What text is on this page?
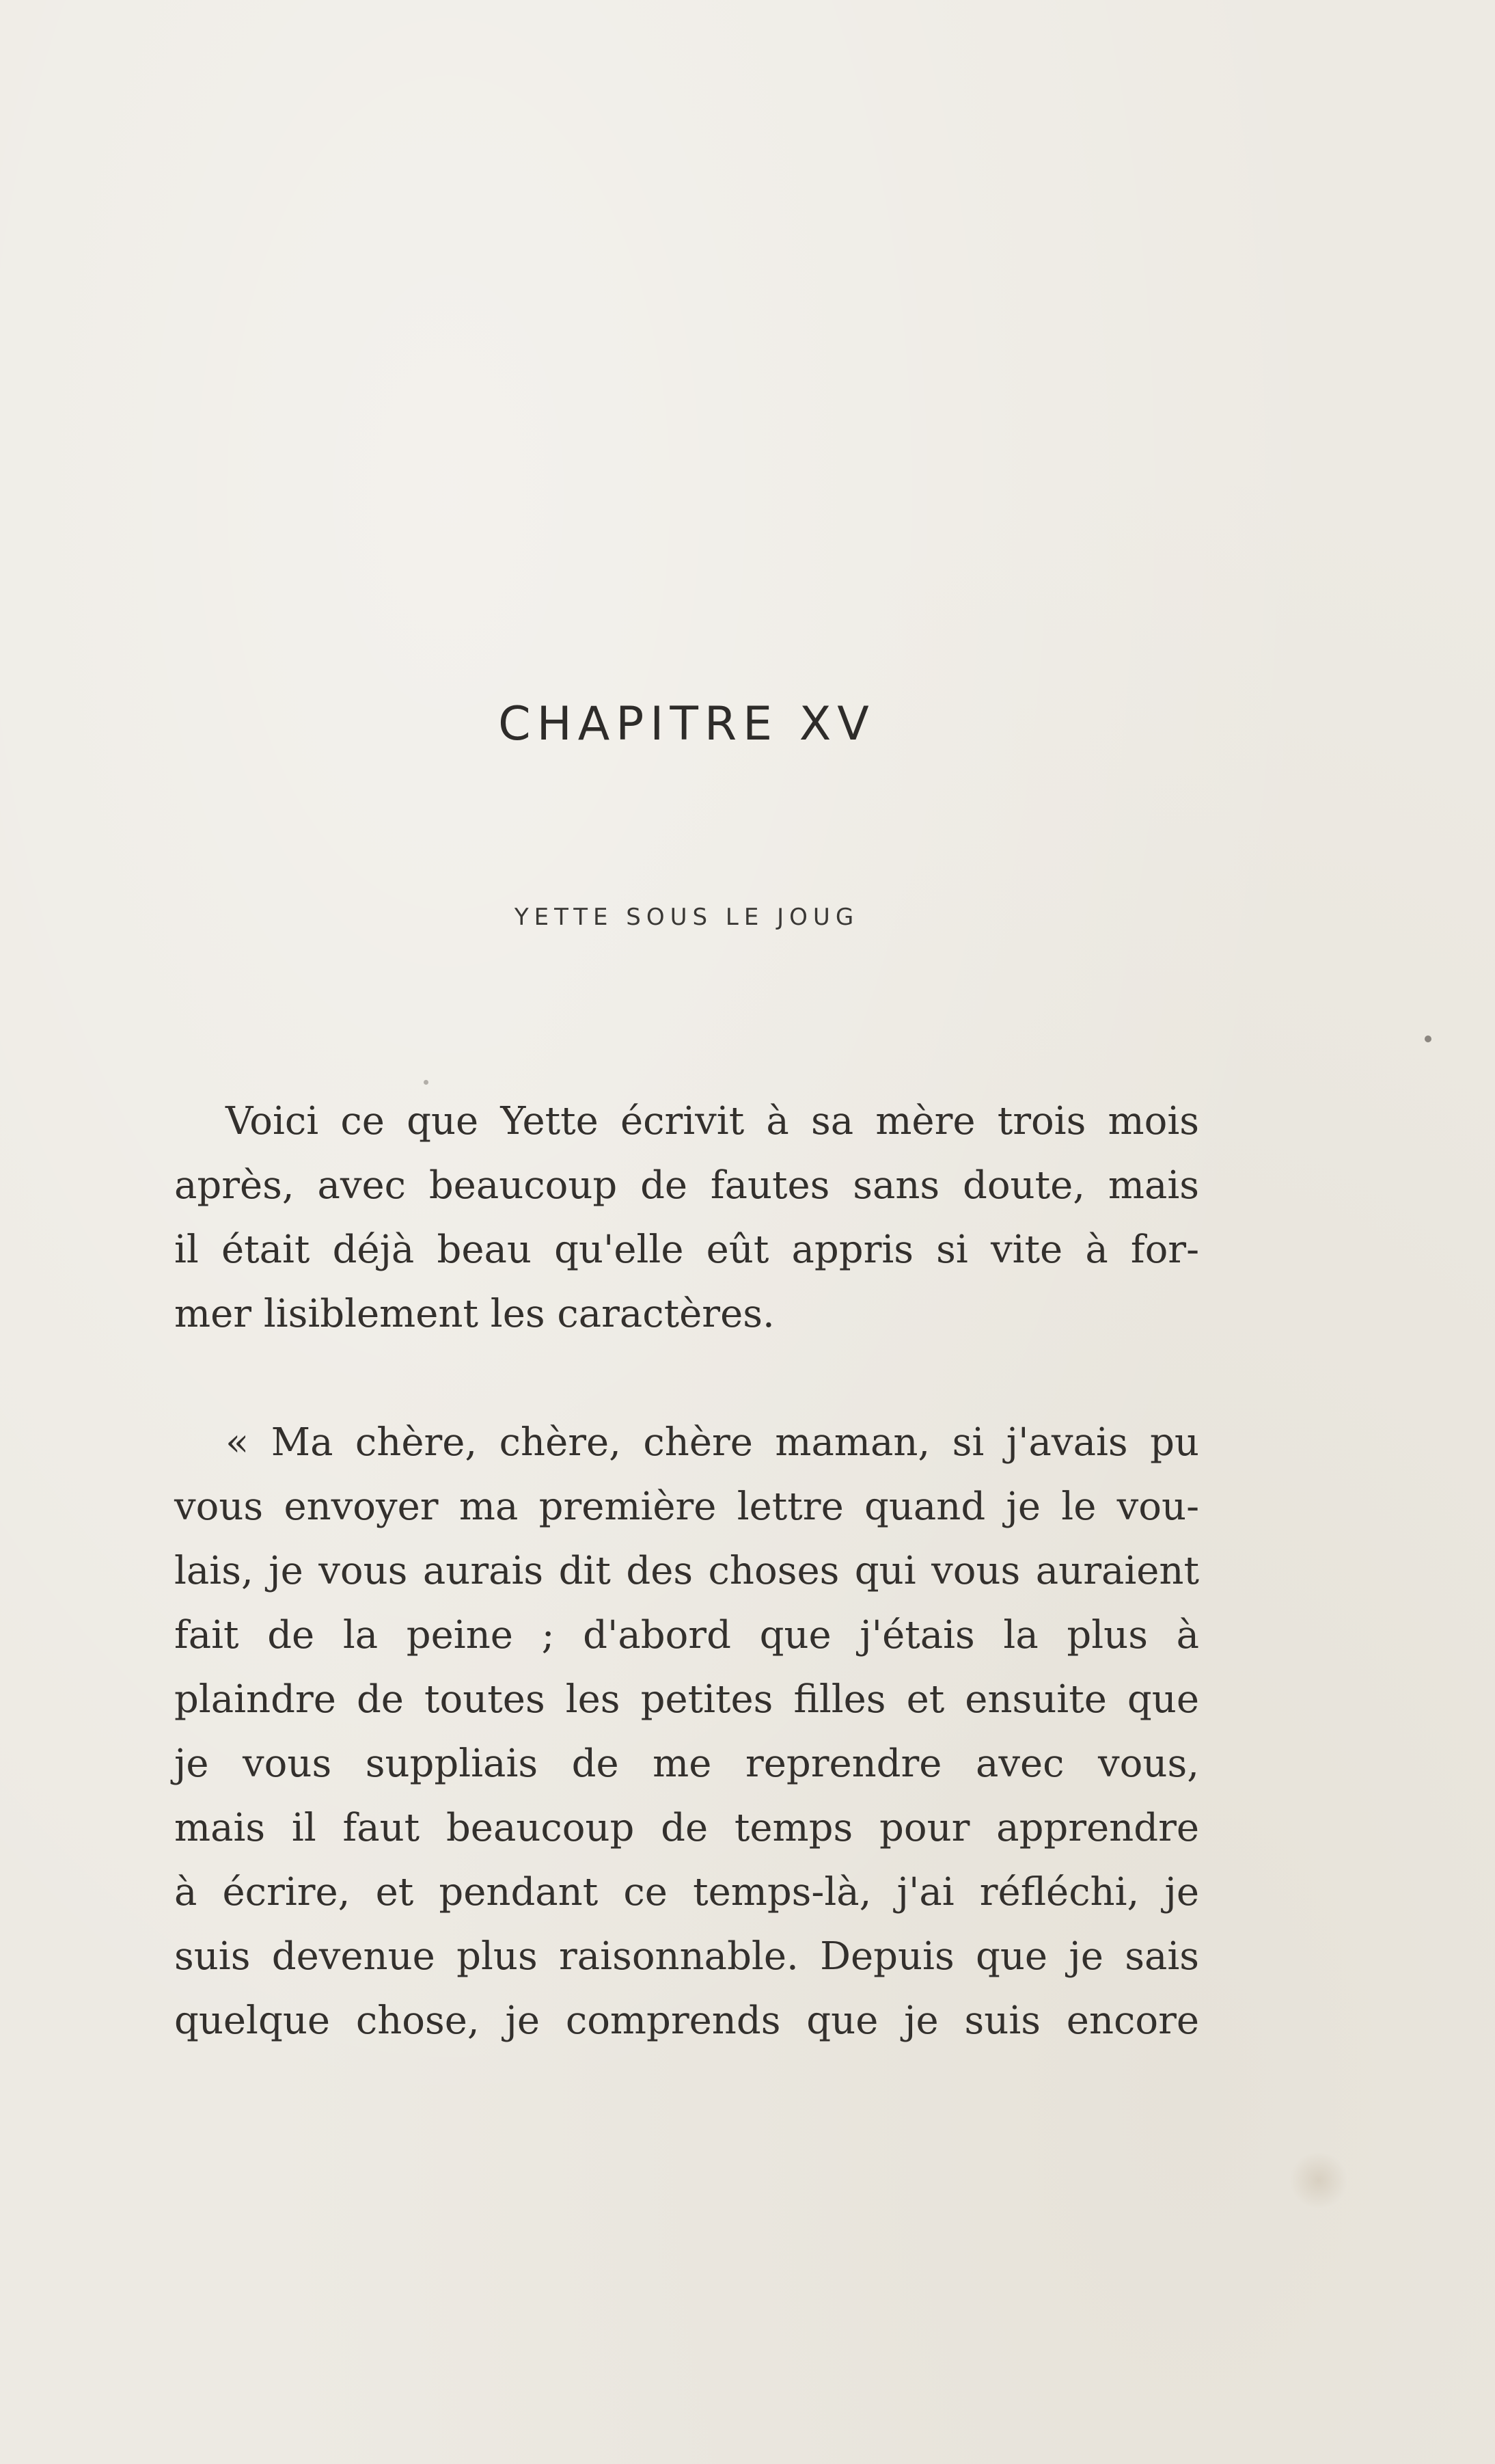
CHAPITRE XV
YETTE SOUS LE JOUG
Voici ce que Yette écrivit à sa mère trois mois
après, avec beaucoup de fautes sans doute, mais
il était déjà beau qu'elle eût appris si vite à for-
mer lisiblement les caractères.
« Ma chère, chère, chère maman, si j'avais pu
vous envoyer ma première lettre quand je le vou-
lais, je vous aurais dit des choses qui vous auraient
fait de la peine ; d'abord que j'étais la plus à
plaindre de toutes les petites filles et ensuite que
je vous suppliais de me reprendre avec vous,
mais il faut beaucoup de temps pour apprendre
à écrire, et pendant ce temps-là, j'ai réfléchi, je
suis devenue plus raisonnable. Depuis que je sais
quelque chose, je comprends que je suis encore
